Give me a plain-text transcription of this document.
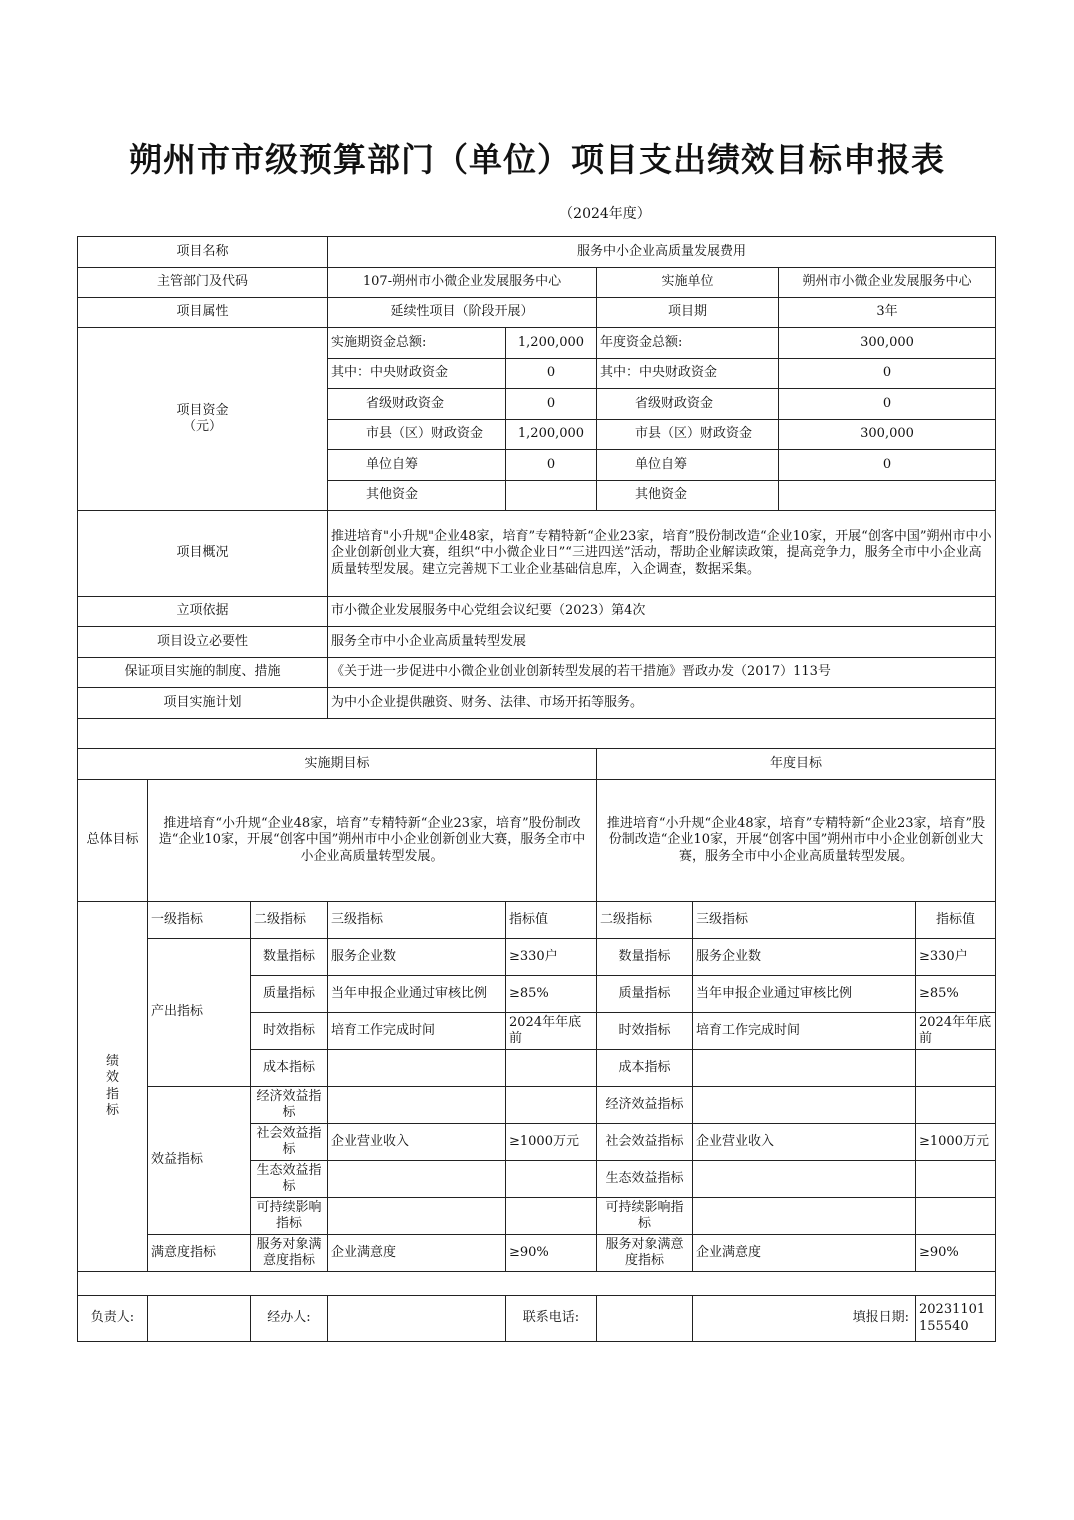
朔州市市级预算部门（单位）项目支出绩效目标申报表
（2024年度）
项目名称			服务中小企业高质量发展费用					
主管部门及代码			107-朔州市小微企业发展服务中心		实施单位		朔州市小微企业发展服务中心	
项目属性			延续性项目（阶段开展）		项目期		3年	

项目资金
（元）			实施期资金总额:	1,200,000	年度资金总额:		300,000	
			其中：中央财政资金	0	其中：中央财政资金		0	
			省级财政资金	0	省级财政资金		0	
			市县（区）财政资金	1,200,000	市县（区）财政资金		300,000	
			单位自筹	0	单位自筹		0	
			其他资金		其他资金			
项目概况			推进培育"小升规"企业48家，培育”专精特新“企业23家，培育”股份制改造“企业10家，开展“创客中国”朔州市中小企业创新创业大赛，组织“中小微企业日”“三进四送”活动，帮助企业解读政策，提高竞争力，服务全市中小企业高质量转型发展。建立完善规下工业企业基础信息库，入企调查，数据采集。					
立项依据			市小微企业发展服务中心党组会议纪要（2023）第4次					
项目设立必要性			服务全市中小企业高质量转型发展					
保证项目实施的制度、措施			《关于进一步促进中小微企业创业创新转型发展的若干措施》晋政办发（2017）113号					
项目实施计划			为中小企业提供融资、财务、法律、市场开拓等服务。					

实施期目标					年度目标			
总体目标	推进培育“小升规“企业48家，培育”专精特新“企业23家，培育”股份制改造“企业10家，开展“创客中国”朔州市中小企业创新创业大赛，服务全市中小企业高质量转型发展。				推进培育“小升规“企业48家，培育”专精特新“企业23家，培育”股份制改造“企业10家，开展“创客中国”朔州市中小企业创新创业大赛，服务全市中小企业高质量转型发展。			

绩
效
指
标	一级指标	二级指标	三级指标	指标值	二级指标	三级指标		指标值
	产出指标	数量指标	服务企业数	≥330户	数量指标	服务企业数		≥330户
		质量指标	当年申报企业通过审核比例	≥85%	质量指标	当年申报企业通过审核比例		≥85%
		时效指标	培育工作完成时间	2024年年底前	时效指标	培育工作完成时间		2024年年底前
		成本指标			成本指标			
	效益指标	经济效益指标			经济效益指标			
		社会效益指标	企业营业收入	≥1000万元	社会效益指标	企业营业收入		≥1000万元
		生态效益指标			生态效益指标			
		可持续影响指标			可持续影响指标			
	满意度指标	服务对象满意度指标	企业满意度	≥90%	服务对象满意度指标	企业满意度		≥90%

负责人:		经办人:		联系电话:		填报日期:		20231101155540
